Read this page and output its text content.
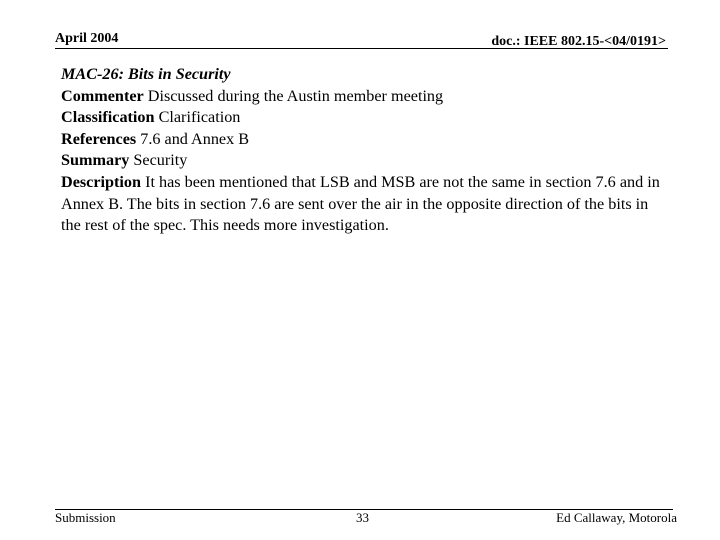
April 2004	doc.: IEEE 802.15-<04/0191>
MAC-26: Bits in Security
Commenter Discussed during the Austin member meeting
Classification Clarification
References 7.6 and Annex B
Summary Security
Description It has been mentioned that LSB and MSB are not the same in section 7.6 and in Annex B. The bits in section 7.6 are sent over the air in the opposite direction of the bits in the rest of the spec. This needs more investigation.
Submission	33	Ed Callaway, Motorola
